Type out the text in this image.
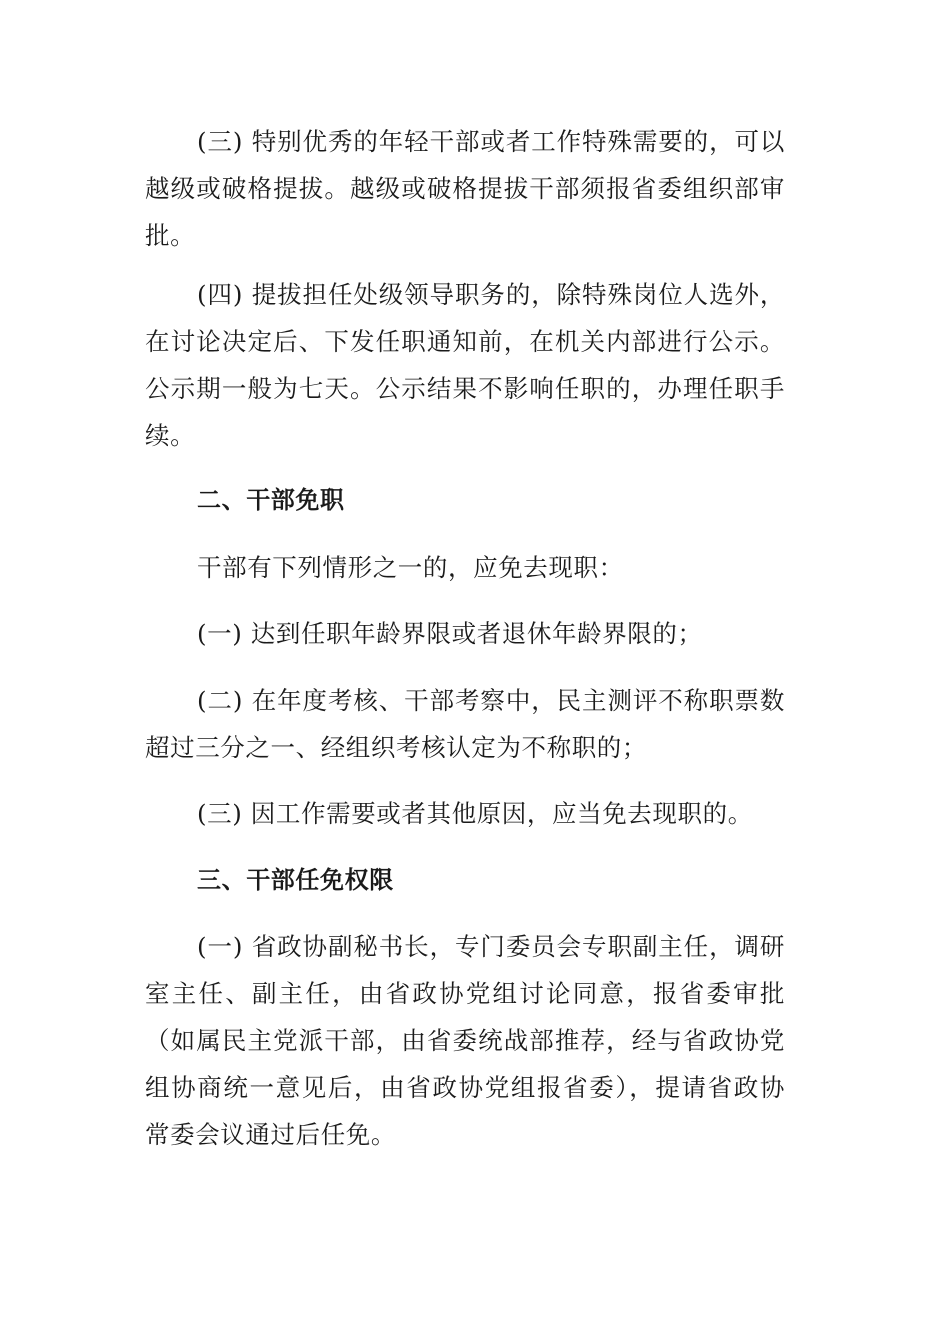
(三) 特别优秀的年轻干部或者工作特殊需要的，可以越级或破格提拔。越级或破格提拔干部须报省委组织部审批。

(四) 提拔担任处级领导职务的，除特殊岗位人选外，在讨论决定后、下发任职通知前，在机关内部进行公示。公示期一般为七天。公示结果不影响任职的，办理任职手续。

二、干部免职

干部有下列情形之一的，应免去现职：

(一) 达到任职年龄界限或者退休年龄界限的；

(二) 在年度考核、干部考察中，民主测评不称职票数超过三分之一、经组织考核认定为不称职的；

(三) 因工作需要或者其他原因，应当免去现职的。

三、干部任免权限

(一) 省政协副秘书长，专门委员会专职副主任，调研室主任、副主任，由省政协党组讨论同意，报省委审批（如属民主党派干部，由省委统战部推荐，经与省政协党组协商统一意见后，由省政协党组报省委），提请省政协常委会议通过后任免。
